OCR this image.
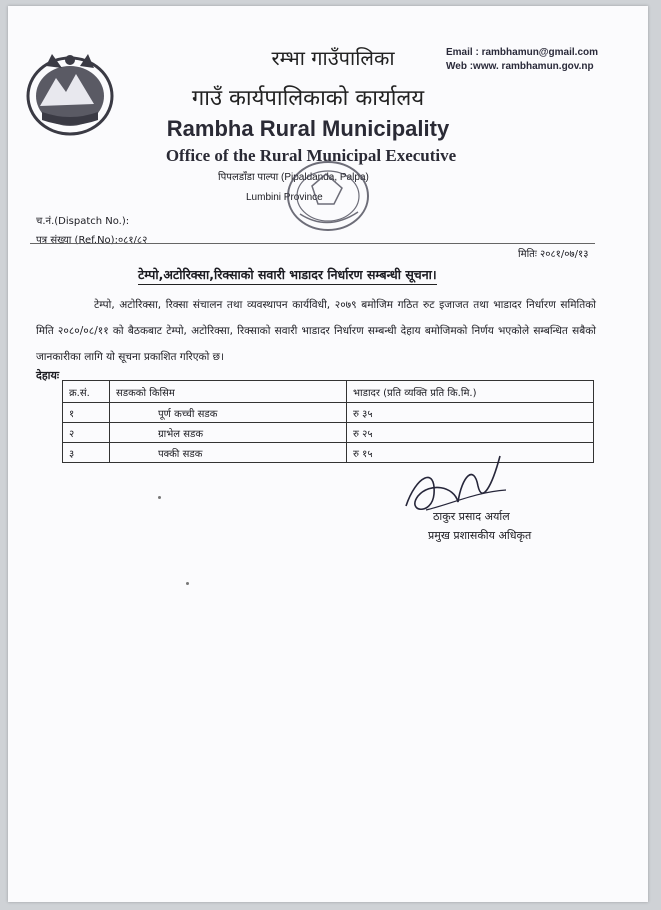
रम्भा गाउँपालिका
गाउँ कार्यपालिकाको कार्यालय
Rambha Rural Municipality
Office of the Rural Municipal Executive
पिपलडाँडा पाल्पा (Pipaldanda, Palpa)
Lumbini Province
Email : rambhamun@gmail.com
Web :www. rambhamun.gov.np
च.नं.(Dispatch No.):
पत्र संख्या (Ref.No):०८१/८२
मितिः २०८१/०७/१३
टेम्पो,अटोरिक्सा,रिक्साको सवारी भाडादर निर्धारण सम्बन्धी सूचना।
टेम्पो, अटोरिक्सा, रिक्सा संचालन तथा व्यवस्थापन कार्यविधी, २०७९ बमोजिम गठित रुट इजाजत तथा भाडादर निर्धारण समितिको मिति २०८०/०८/११ को बैठकबाट टेम्पो, अटोरिक्सा, रिक्साको सवारी भाडादर निर्धारण सम्बन्धी देहाय बमोजिमको निर्णय भएकोले सम्बन्धित सबैको जानकारीका लागि यो सूचना प्रकाशित गरिएको छ।
देहायः
क्र.सं.	सडकको किसिम	भाडादर (प्रति व्यक्ति प्रति कि.मि.)
१	पूर्ण कच्ची सडक	रु ३५
२	ग्राभेल सडक	रु २५
३	पक्की सडक	रु १५
ठाकुर प्रसाद अर्याल
प्रमुख प्रशासकीय अधिकृत
